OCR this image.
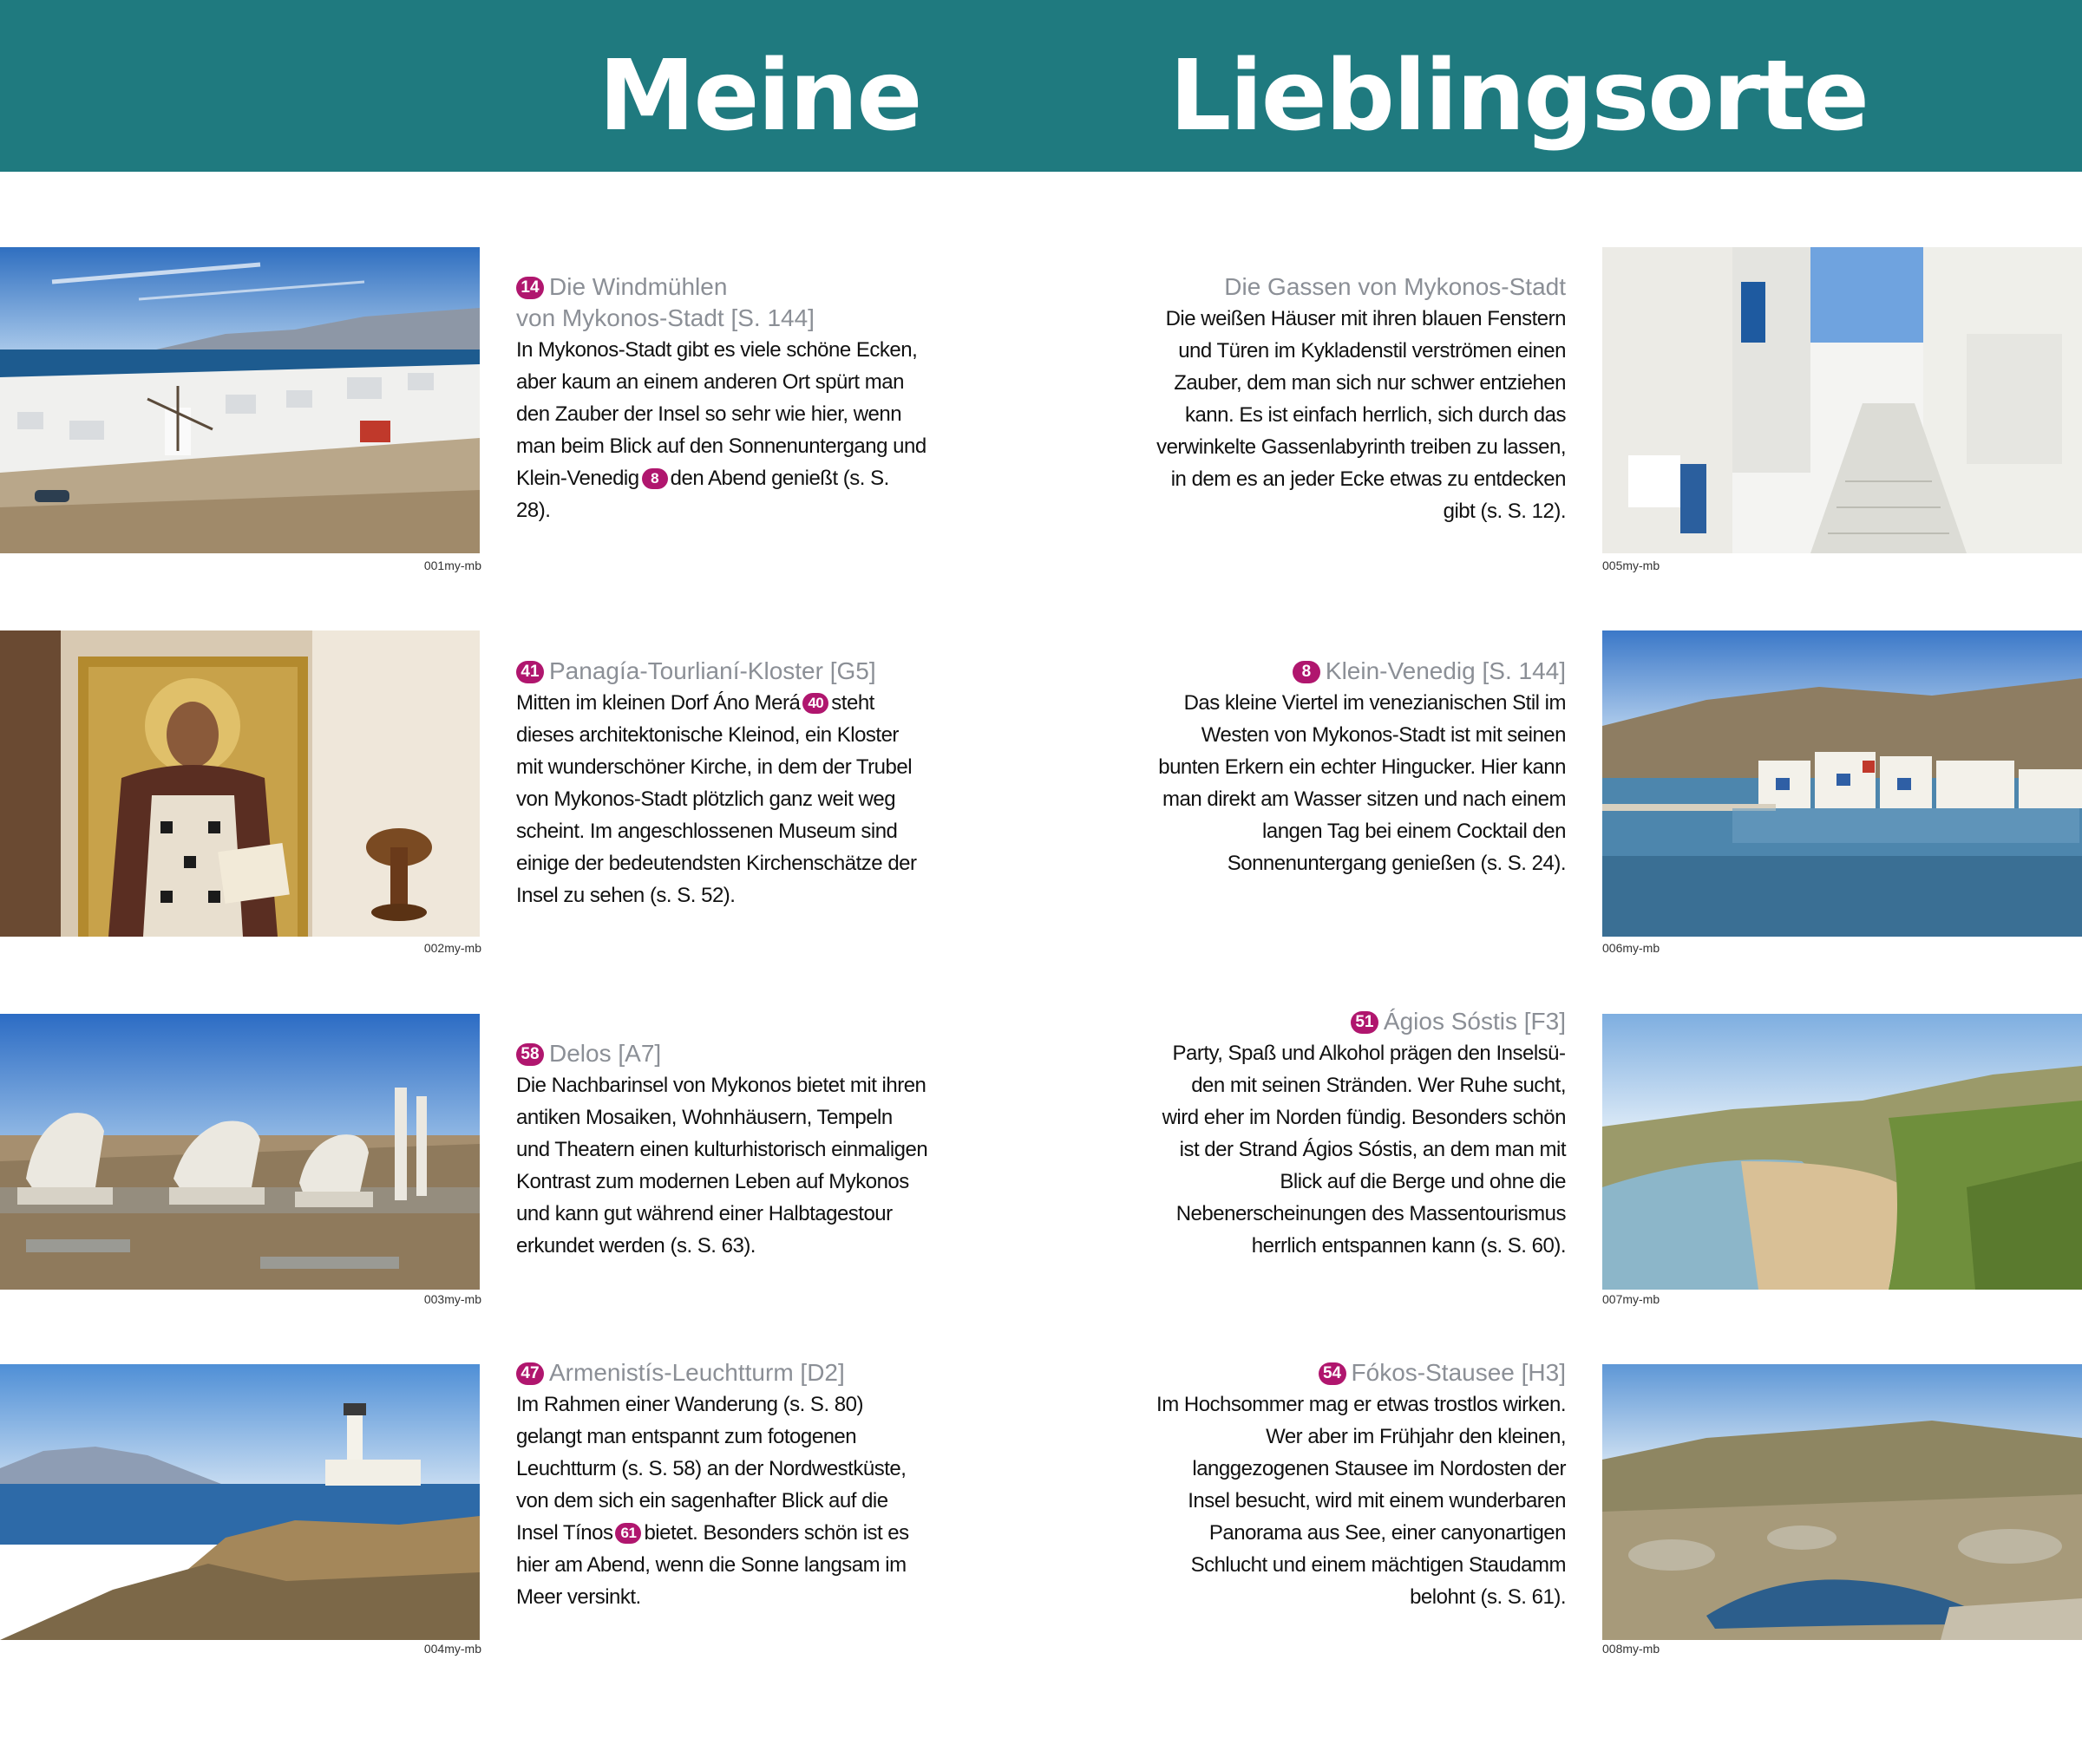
Meine	Lieblingsorte
001my-mb
002my-mb
003my-mb
004my-mb
005my-mb
006my-mb
007my-mb
008my-mb
14 Die Windmühlen
von Mykonos-Stadt [S. 144]
In Mykonos-Stadt gibt es viele schöne Ecken, aber kaum an einem anderen Ort spürt man den Zauber der Insel so sehr wie hier, wenn man beim Blick auf den Sonnenuntergang und Klein-Venedig 8 den Abend genießt (s. S. 28).
41 Panagía-Tourlianí-Kloster [G5]
Mitten im kleinen Dorf Áno Merá 40 steht dieses architektonische Kleinod, ein Kloster mit wunderschöner Kirche, in dem der Trubel von Mykonos-Stadt plötzlich ganz weit weg scheint. Im angeschlossenen Museum sind einige der bedeutendsten Kirchenschätze der Insel zu sehen (s. S. 52).
58 Delos [A7]
Die Nachbarinsel von Mykonos bietet mit ihren antiken Mosaiken, Wohnhäusern, Tempeln und Theatern einen kulturhistorisch einmaligen Kontrast zum modernen Leben auf Mykonos und kann gut während einer Halbtagestour erkundet werden (s. S. 63).
47 Armenistís-Leuchtturm [D2]
Im Rahmen einer Wanderung (s. S. 80) gelangt man entspannt zum fotogenen Leuchtturm (s. S. 58) an der Nordwestküste, von dem sich ein sagenhafter Blick auf die Insel Tínos 61 bietet. Besonders schön ist es hier am Abend, wenn die Sonne langsam im Meer versinkt.
Die Gassen von Mykonos-Stadt
Die weißen Häuser mit ihren blauen Fenstern und Türen im Kykladenstil verströmen einen Zauber, dem man sich nur schwer entziehen kann. Es ist einfach herrlich, sich durch das verwinkelte Gassenlabyrinth treiben zu lassen, in dem es an jeder Ecke etwas zu entdecken gibt (s. S. 12).
8 Klein-Venedig [S. 144]
Das kleine Viertel im venezianischen Stil im Westen von Mykonos-Stadt ist mit seinen bunten Erkern ein echter Hingucker. Hier kann man direkt am Wasser sitzen und nach einem langen Tag bei einem Cocktail den Sonnenuntergang genießen (s. S. 24).
51 Ágios Sóstis [F3]
Party, Spaß und Alkohol prägen den Inselsüden mit seinen Stränden. Wer Ruhe sucht, wird eher im Norden fündig. Besonders schön ist der Strand Ágios Sóstis, an dem man mit Blick auf die Berge und ohne die Nebenerscheinungen des Massentourismus herrlich entspannen kann (s. S. 60).
54 Fókos-Stausee [H3]
Im Hochsommer mag er etwas trostlos wirken. Wer aber im Frühjahr den kleinen, langgezogenen Stausee im Nordosten der Insel besucht, wird mit einem wunderbaren Panorama aus See, einer canyonartigen Schlucht und einem mächtigen Staudamm belohnt (s. S. 61).
